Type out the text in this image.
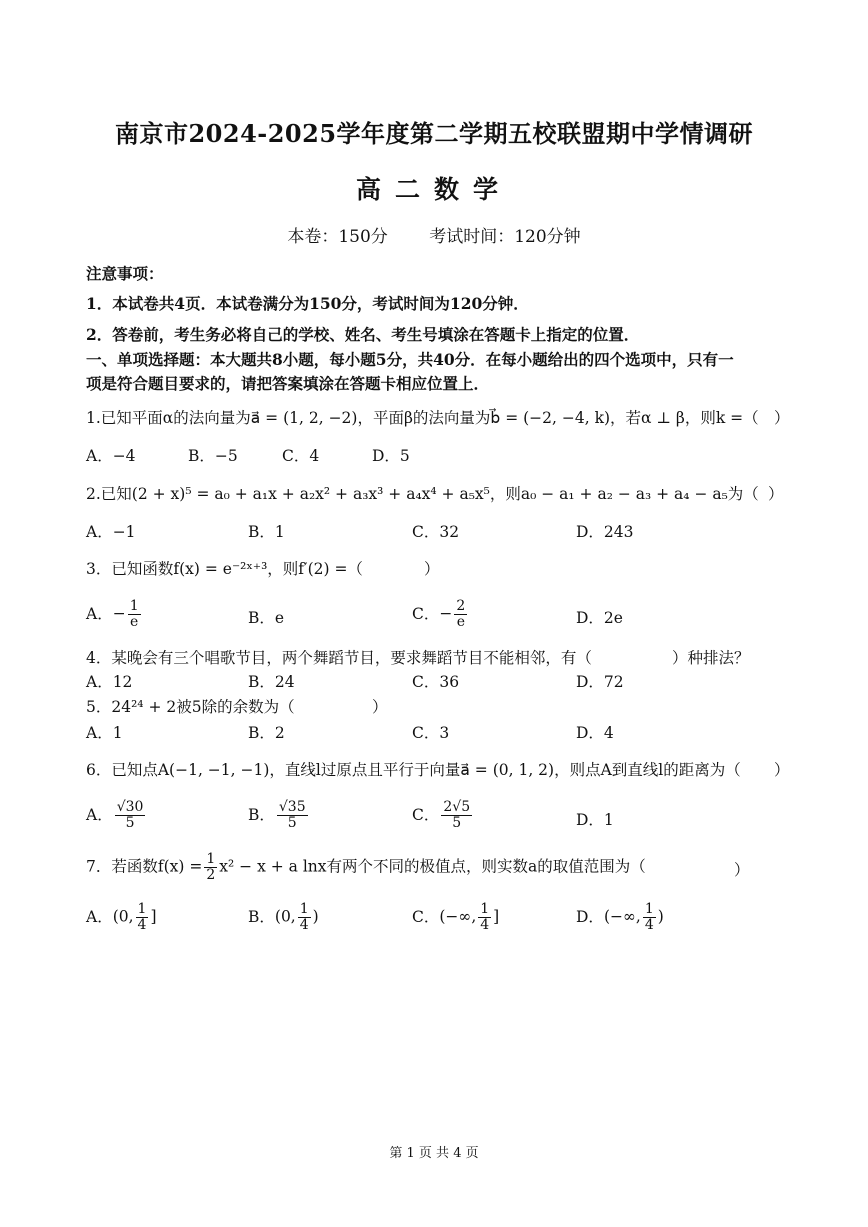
南京市2024-2025学年度第二学期五校联盟期中学情调研
高二数学
本卷：150分 考试时间：120分钟
注意事项：
1．本试卷共4页．本试卷满分为150分，考试时间为120分钟．
2．答卷前，考生务必将自己的学校、姓名、考生号填涂在答题卡上指定的位置．
一、单项选择题：本大题共8小题，每小题5分，共40分．在每小题给出的四个选项中，只有一
项是符合题目要求的，请把答案填涂在答题卡相应位置上．
1.已知平面α的法向量为a⃗ = (1, 2, −2)，平面β的法向量为b⃗ = (−2, −4, k)，若α ⊥ β，则k =（ ）
A．−4	B．−5	C．4	D．5
2.已知(2 + x)⁵ = a₀ + a₁x + a₂x² + a₃x³ + a₄x⁴ + a₅x⁵，则a₀ − a₁ + a₂ − a₃ + a₄ − a₅为（ ）
A．−1	B．1	C．32	D．243
3．已知函数f(x) = e⁻²ˣ⁺³，则f′(2) =（	）
A．− $\frac{1}{e}$	B．e	C．− $\frac{2}{e}$	D．2e
4．某晚会有三个唱歌节目，两个舞蹈节目，要求舞蹈节目不能相邻，有（	）种排法？
A．12	B．24	C．36	D．72
5．24²⁴ + 2被5除的余数为（	）
A．1	B．2	C．3	D．4
6．已知点A(−1, −1, −1)，直线l过原点且平行于向量a⃗ = (0, 1, 2)，则点A到直线l的距离为（ ）
A． $\frac{√30}{5}$	B． $\frac{√35}{5}$	C． $\frac{2√5}{5}$	D．1
7．若函数$f(x) = \frac{1}{2} x^2 - x + a$ lnx有两个不同的极值点，则实数a的取值范围为（	）
A．(0, $\frac{1}{4}$ ]	B．(0, $\frac{1}{4}$ )	C．(−∞, $\frac{1}{4}$ ]	D．(−∞, $\frac{1}{4}$ )
第 1 页 共 4 页
